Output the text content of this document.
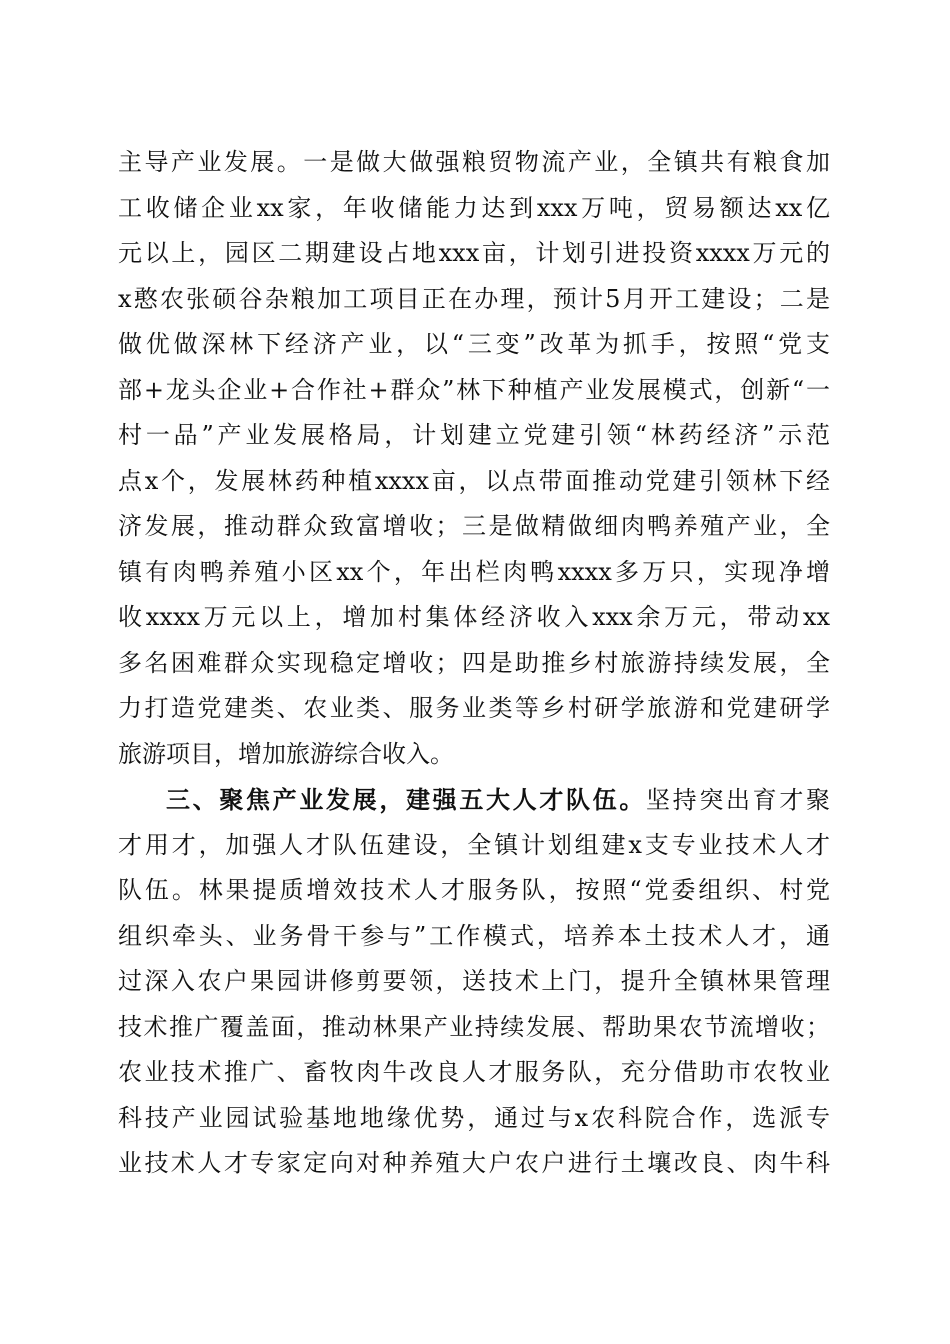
主导产业发展。一是做大做强粮贸物流产业，全镇共有粮食加
工收储企业xx家，年收储能力达到xxx万吨，贸易额达xx亿
元以上，园区二期建设占地xxx亩，计划引进投资xxxx万元的
x憨农张硕谷杂粮加工项目正在办理，预计5月开工建设；二是
做优做深林下经济产业，以“三变”改革为抓手，按照“党支
部+龙头企业+合作社+群众”林下种植产业发展模式，创新“一
村一品”产业发展格局，计划建立党建引领“林药经济”示范
点x个，发展林药种植xxxx亩，以点带面推动党建引领林下经
济发展，推动群众致富增收；三是做精做细肉鸭养殖产业，全
镇有肉鸭养殖小区xx个，年出栏肉鸭xxxx多万只，实现净增
收xxxx万元以上，增加村集体经济收入xxx余万元，带动xx
多名困难群众实现稳定增收；四是助推乡村旅游持续发展，全
力打造党建类、农业类、服务业类等乡村研学旅游和党建研学
旅游项目，增加旅游综合收入。
三、聚焦产业发展，建强五大人才队伍。坚持突出育才聚
才用才，加强人才队伍建设，全镇计划组建x支专业技术人才
队伍。林果提质增效技术人才服务队，按照“党委组织、村党
组织牵头、业务骨干参与”工作模式，培养本土技术人才，通
过深入农户果园讲修剪要领，送技术上门，提升全镇林果管理
技术推广覆盖面，推动林果产业持续发展、帮助果农节流增收；
农业技术推广、畜牧肉牛改良人才服务队，充分借助市农牧业
科技产业园试验基地地缘优势，通过与x农科院合作，选派专
业技术人才专家定向对种养殖大户农户进行土壤改良、肉牛科
